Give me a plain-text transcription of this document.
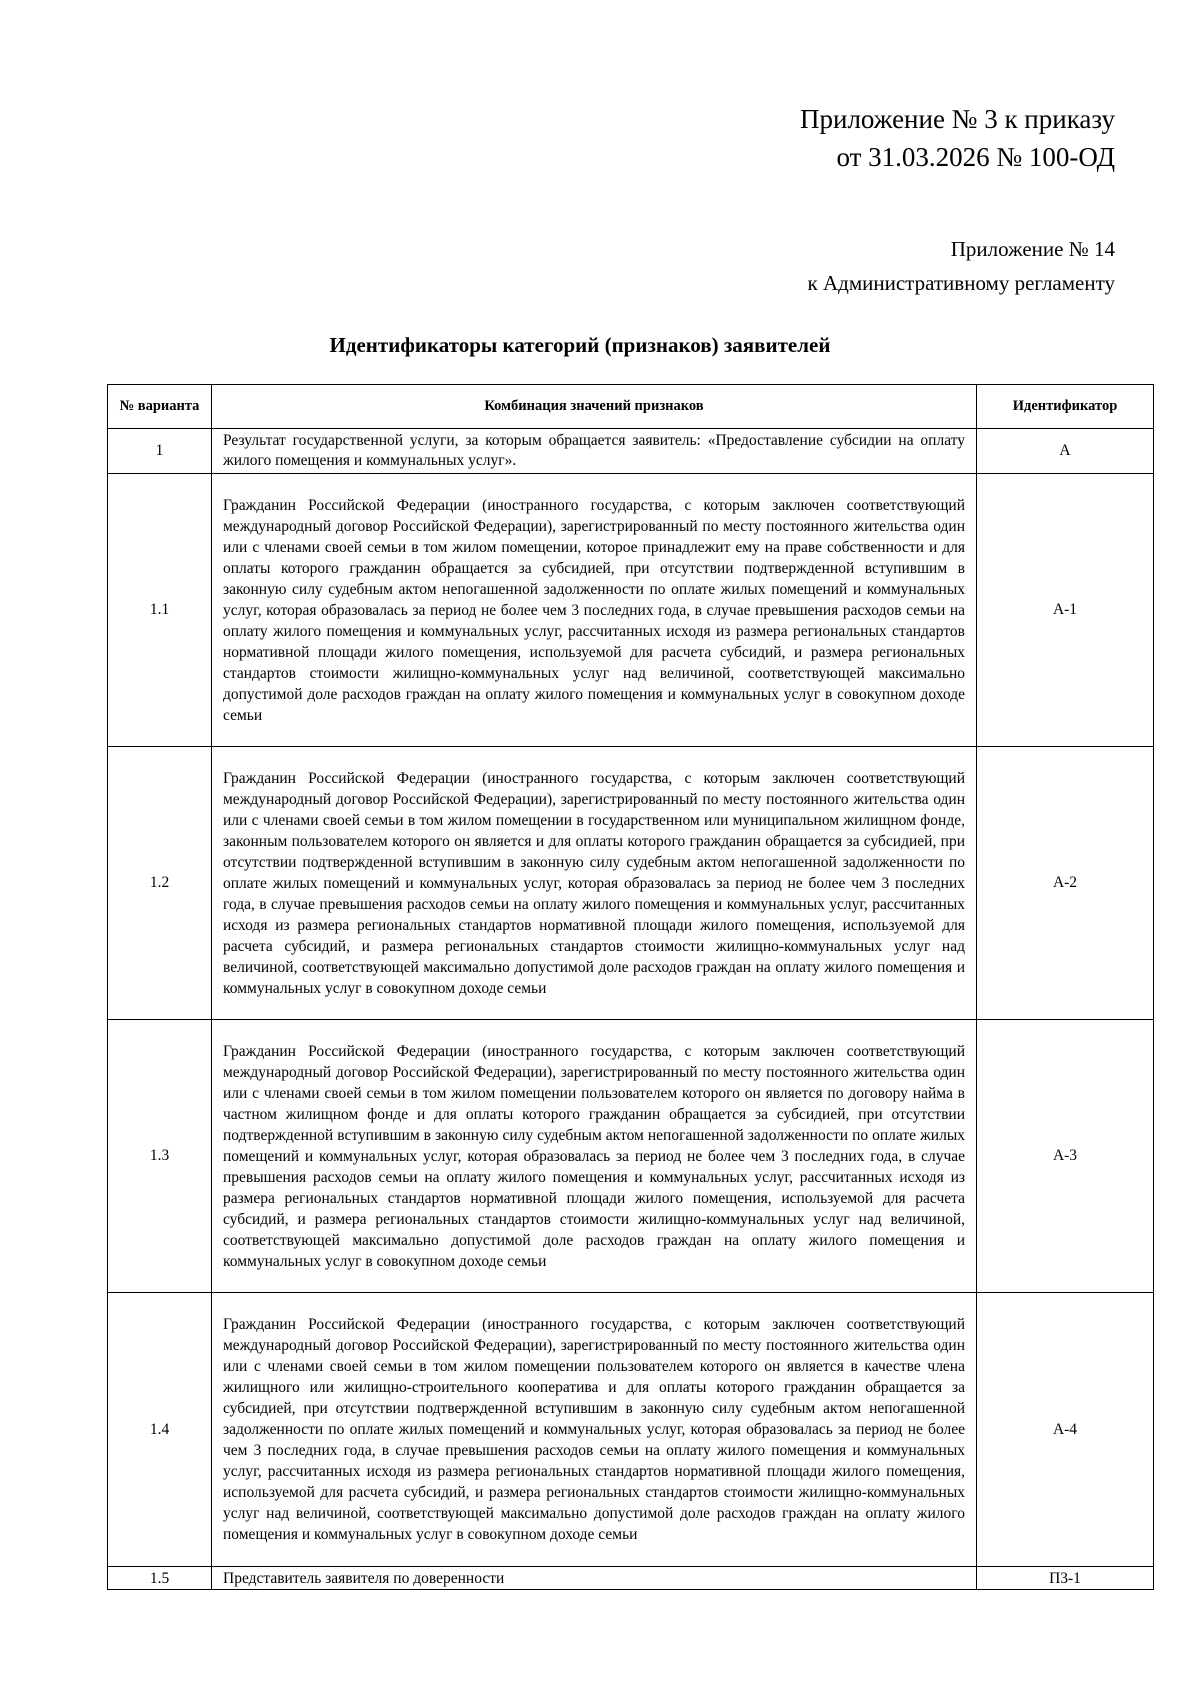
Приложение № 3 к приказу
от 31.03.2026 № 100-ОД
Приложение № 14
к Административному регламенту
Идентификаторы категорий (признаков) заявителей
№ варианта	Комбинация значений признаков	Идентификатор
1	Результат государственной услуги, за которым обращается заявитель: «Предоставление субсидии на оплату жилого помещения и коммунальных услуг».	А
1.1	Гражданин Российской Федерации (иностранного государства, с которым заключен соответствующий международный договор Российской Федерации), зарегистрированный по месту постоянного жительства один или с членами своей семьи в том жилом помещении, которое принадлежит ему на праве собственности и для оплаты которого гражданин обращается за субсидией, при отсутствии подтвержденной вступившим в законную силу судебным актом непогашенной задолженности по оплате жилых помещений и коммунальных услуг, которая образовалась за период не более чем 3 последних года, в случае превышения расходов семьи на оплату жилого помещения и коммунальных услуг, рассчитанных исходя из размера региональных стандартов нормативной площади жилого помещения, используемой для расчета субсидий, и размера региональных стандартов стоимости жилищно-коммунальных услуг над величиной, соответствующей максимально допустимой доле расходов граждан на оплату жилого помещения и коммунальных услуг в совокупном доходе семьи	А-1
1.2	Гражданин Российской Федерации (иностранного государства, с которым заключен соответствующий международный договор Российской Федерации), зарегистрированный по месту постоянного жительства один или с членами своей семьи в том жилом помещении в государственном или муниципальном жилищном фонде, законным пользователем которого он является и для оплаты которого гражданин обращается за субсидией, при отсутствии подтвержденной вступившим в законную силу судебным актом непогашенной задолженности по оплате жилых помещений и коммунальных услуг, которая образовалась за период не более чем 3 последних года, в случае превышения расходов семьи на оплату жилого помещения и коммунальных услуг, рассчитанных исходя из размера региональных стандартов нормативной площади жилого помещения, используемой для расчета субсидий, и размера региональных стандартов стоимости жилищно-коммунальных услуг над величиной, соответствующей максимально допустимой доле расходов граждан на оплату жилого помещения и коммунальных услуг в совокупном доходе семьи	А-2
1.3	Гражданин Российской Федерации (иностранного государства, с которым заключен соответствующий международный договор Российской Федерации), зарегистрированный по месту постоянного жительства один или с членами своей семьи в том жилом помещении пользователем которого он является по договору найма в частном жилищном фонде и для оплаты которого гражданин обращается за субсидией, при отсутствии подтвержденной вступившим в законную силу судебным актом непогашенной задолженности по оплате жилых помещений и коммунальных услуг, которая образовалась за период не более чем 3 последних года, в случае превышения расходов семьи на оплату жилого помещения и коммунальных услуг, рассчитанных исходя из размера региональных стандартов нормативной площади жилого помещения, используемой для расчета субсидий, и размера региональных стандартов стоимости жилищно-коммунальных услуг над величиной, соответствующей максимально допустимой доле расходов граждан на оплату жилого помещения и коммунальных услуг в совокупном доходе семьи	А-3
1.4	Гражданин Российской Федерации (иностранного государства, с которым заключен соответствующий международный договор Российской Федерации), зарегистрированный по месту постоянного жительства один или с членами своей семьи в том жилом помещении пользователем которого он является в качестве члена жилищного или жилищно-строительного кооператива и для оплаты которого гражданин обращается за субсидией, при отсутствии подтвержденной вступившим в законную силу судебным актом непогашенной задолженности по оплате жилых помещений и коммунальных услуг, которая образовалась за период не более чем 3 последних года, в случае превышения расходов семьи на оплату жилого помещения и коммунальных услуг, рассчитанных исходя из размера региональных стандартов нормативной площади жилого помещения, используемой для расчета субсидий, и размера региональных стандартов стоимости жилищно-коммунальных услуг над величиной, соответствующей максимально допустимой доле расходов граждан на оплату жилого помещения и коммунальных услуг в совокупном доходе семьи	А-4
1.5	Представитель заявителя по доверенности	П3-1
